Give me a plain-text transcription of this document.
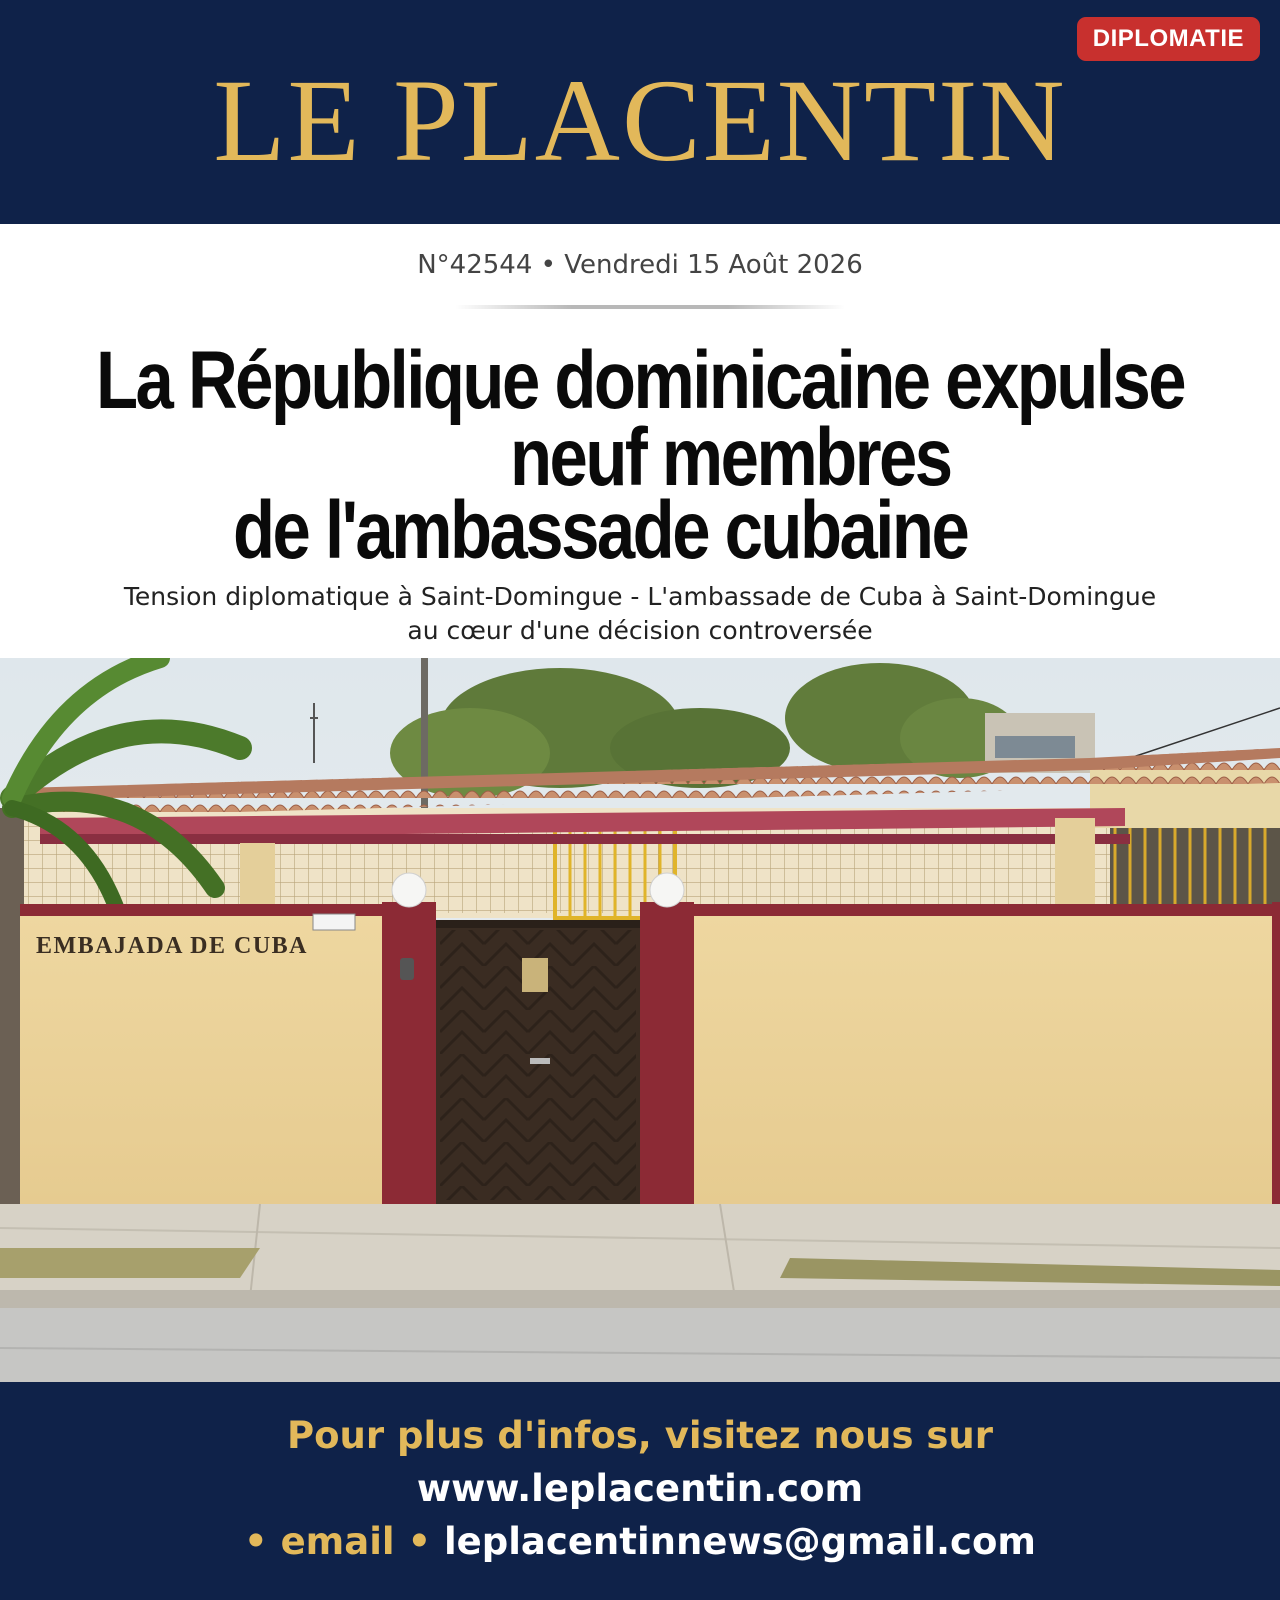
DIPLOMATIE
LE PLACENTIN
N°42544 • Vendredi 15 Août 2026
La République dominicaine expulse
neuf membres
de l'ambassade cubaine
Tension diplomatique à Saint-Domingue - L'ambassade de Cuba à Saint-Domingue
au cœur d'une décision controversée
EMBAJADA DE CUBA
Pour plus d'infos, visitez nous sur
www.leplacentin.com
• email • leplacentinnews@gmail.com
